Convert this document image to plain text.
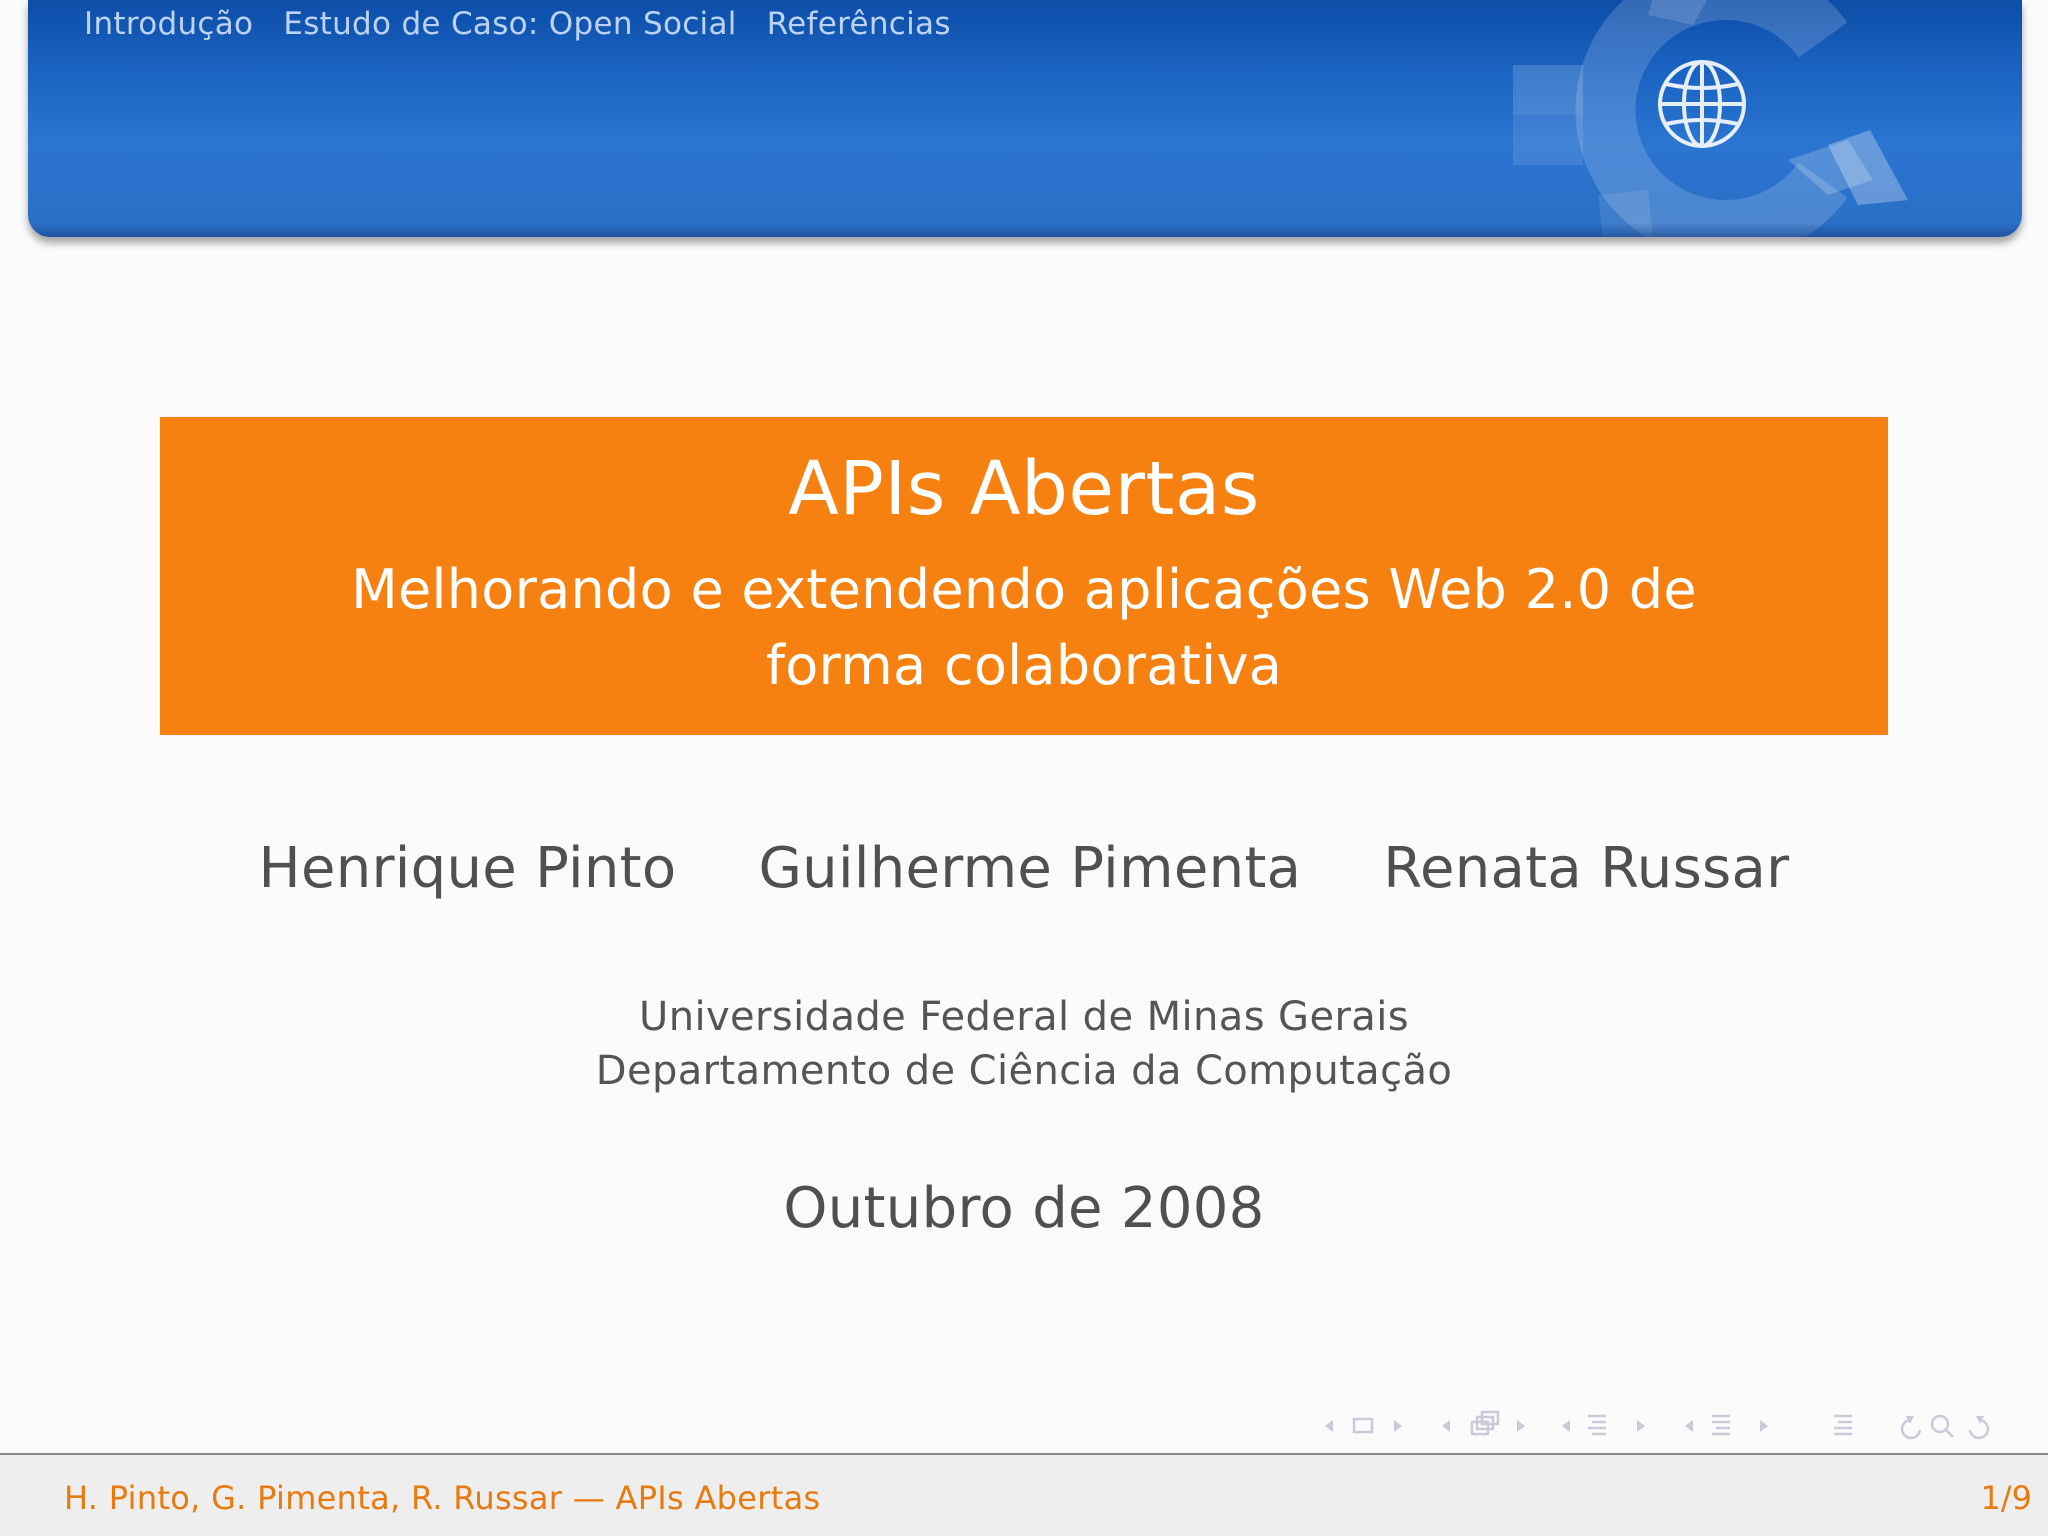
Introdução Estudo de Caso: Open Social Referências
APIs Abertas
Melhorando e extendendo aplicações Web 2.0 de forma colaborativa
Henrique Pinto Guilherme Pimenta Renata Russar
Universidade Federal de Minas Gerais
Departamento de Ciência da Computação
Outubro de 2008
H. Pinto, G. Pimenta, R. Russar — APIs Abertas	1/9
